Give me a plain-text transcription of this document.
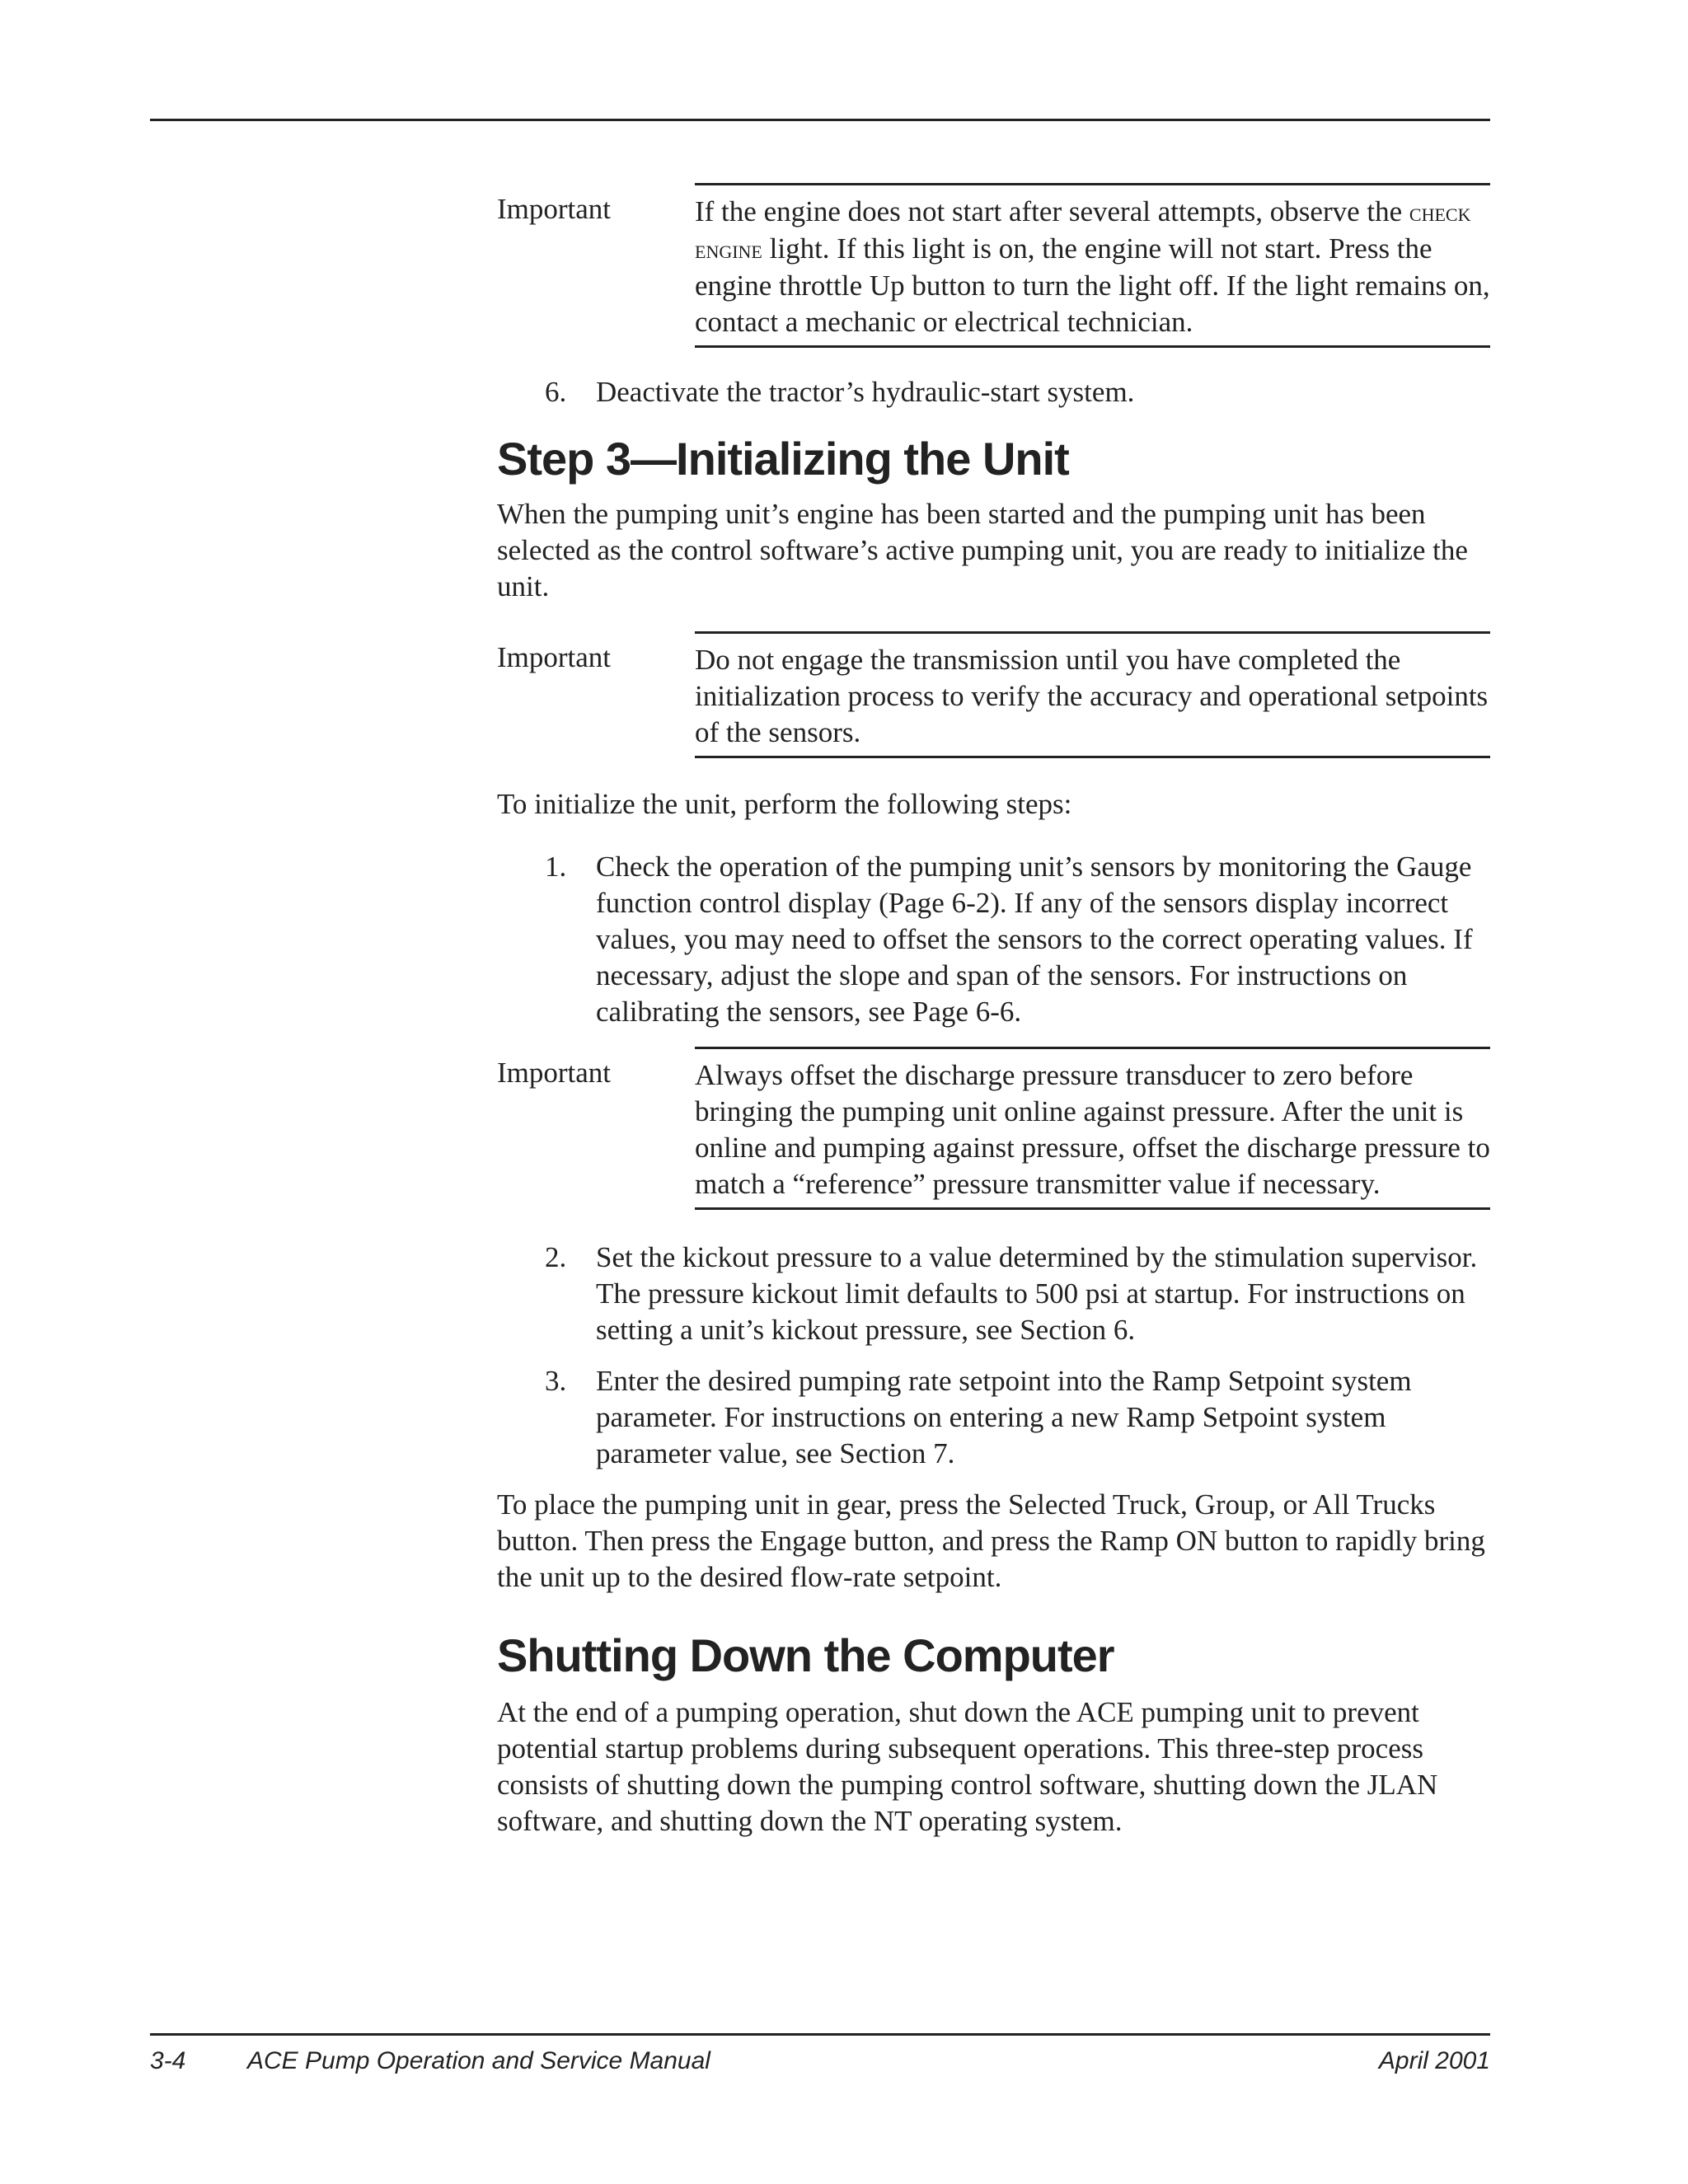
Important	If the engine does not start after several attempts, observe the check engine light. If this light is on, the engine will not start. Press the engine throttle Up button to turn the light off. If the light remains on, contact a mechanic or electrical technician.
6. Deactivate the tractor’s hydraulic-start system.
Step 3—Initializing the Unit

When the pumping unit’s engine has been started and the pumping unit has been selected as the control software’s active pumping unit, you are ready to initialize the unit.

Important	Do not engage the transmission until you have completed the initialization process to verify the accuracy and operational setpoints of the sensors.

To initialize the unit, perform the following steps:

1. Check the operation of the pumping unit’s sensors by monitoring the Gauge function control display (Page 6-2). If any of the sensors display incorrect values, you may need to offset the sensors to the correct operating values. If necessary, adjust the slope and span of the sensors. For instructions on calibrating the sensors, see Page 6-6.
Important	Always offset the discharge pressure transducer to zero before bringing the pumping unit online against pressure. After the unit is online and pumping against pressure, offset the discharge pressure to match a “reference” pressure transmitter value if necessary.
2. Set the kickout pressure to a value determined by the stimulation supervisor. The pressure kickout limit defaults to 500 psi at startup. For instructions on setting a unit’s kickout pressure, see Section 6.
3. Enter the desired pumping rate setpoint into the Ramp Setpoint system parameter. For instructions on entering a new Ramp Setpoint system parameter value, see Section 7.

To place the pumping unit in gear, press the Selected Truck, Group, or All Trucks button. Then press the Engage button, and press the Ramp ON button to rapidly bring the unit up to the desired flow-rate setpoint.

Shutting Down the Computer

At the end of a pumping operation, shut down the ACE pumping unit to prevent potential startup problems during subsequent operations. This three-step process consists of shutting down the pumping control software, shutting down the JLAN software, and shutting down the NT operating system.

3-4 ACE Pump Operation and Service Manual	April 2001
